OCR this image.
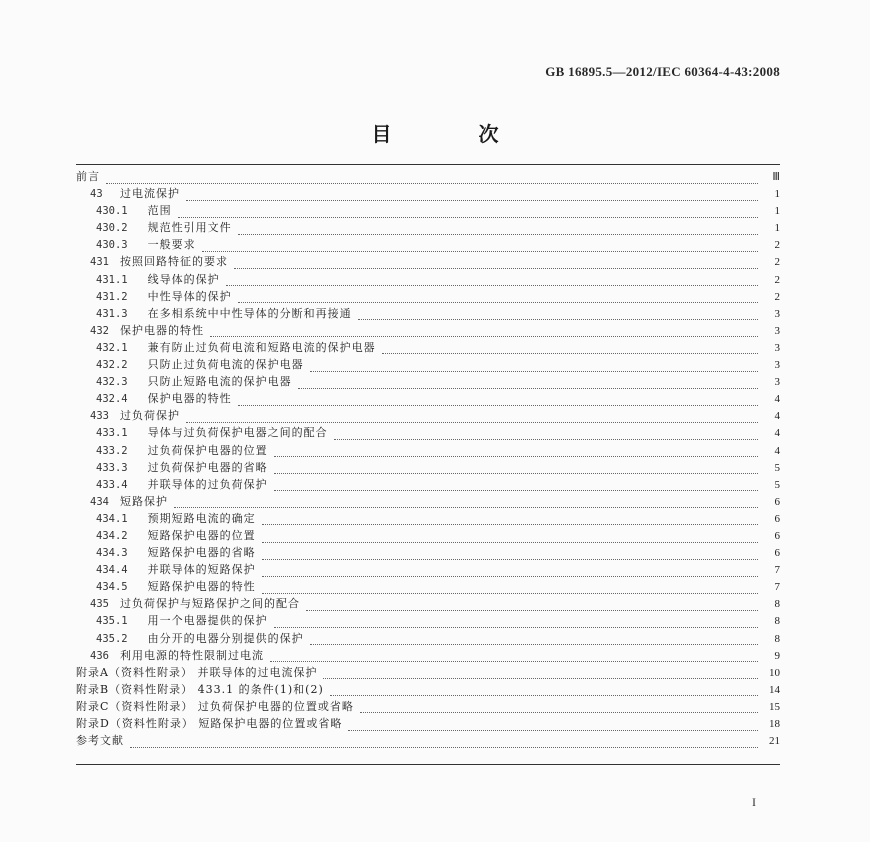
GB 16895.5—2012/IEC 60364-4-43:2008
目 次
前言	Ⅲ
43 过电流保护	1
430.1 范围	1
430.2 规范性引用文件	1
430.3 一般要求	2
431 按照回路特征的要求	2
431.1 线导体的保护	2
431.2 中性导体的保护	2
431.3 在多相系统中中性导体的分断和再接通	3
432 保护电器的特性	3
432.1 兼有防止过负荷电流和短路电流的保护电器	3
432.2 只防止过负荷电流的保护电器	3
432.3 只防止短路电流的保护电器	3
432.4 保护电器的特性	4
433 过负荷保护	4
433.1 导体与过负荷保护电器之间的配合	4
433.2 过负荷保护电器的位置	4
433.3 过负荷保护电器的省略	5
433.4 并联导体的过负荷保护	5
434 短路保护	6
434.1 预期短路电流的确定	6
434.2 短路保护电器的位置	6
434.3 短路保护电器的省略	6
434.4 并联导体的短路保护	7
434.5 短路保护电器的特性	7
435 过负荷保护与短路保护之间的配合	8
435.1 用一个电器提供的保护	8
435.2 由分开的电器分别提供的保护	8
436 利用电源的特性限制过电流	9
附录A（资料性附录） 并联导体的过电流保护	10
附录B（资料性附录） 433.1 的条件(1)和(2)	14
附录C（资料性附录） 过负荷保护电器的位置或省略	15
附录D（资料性附录） 短路保护电器的位置或省略	18
参考文献	21
I
